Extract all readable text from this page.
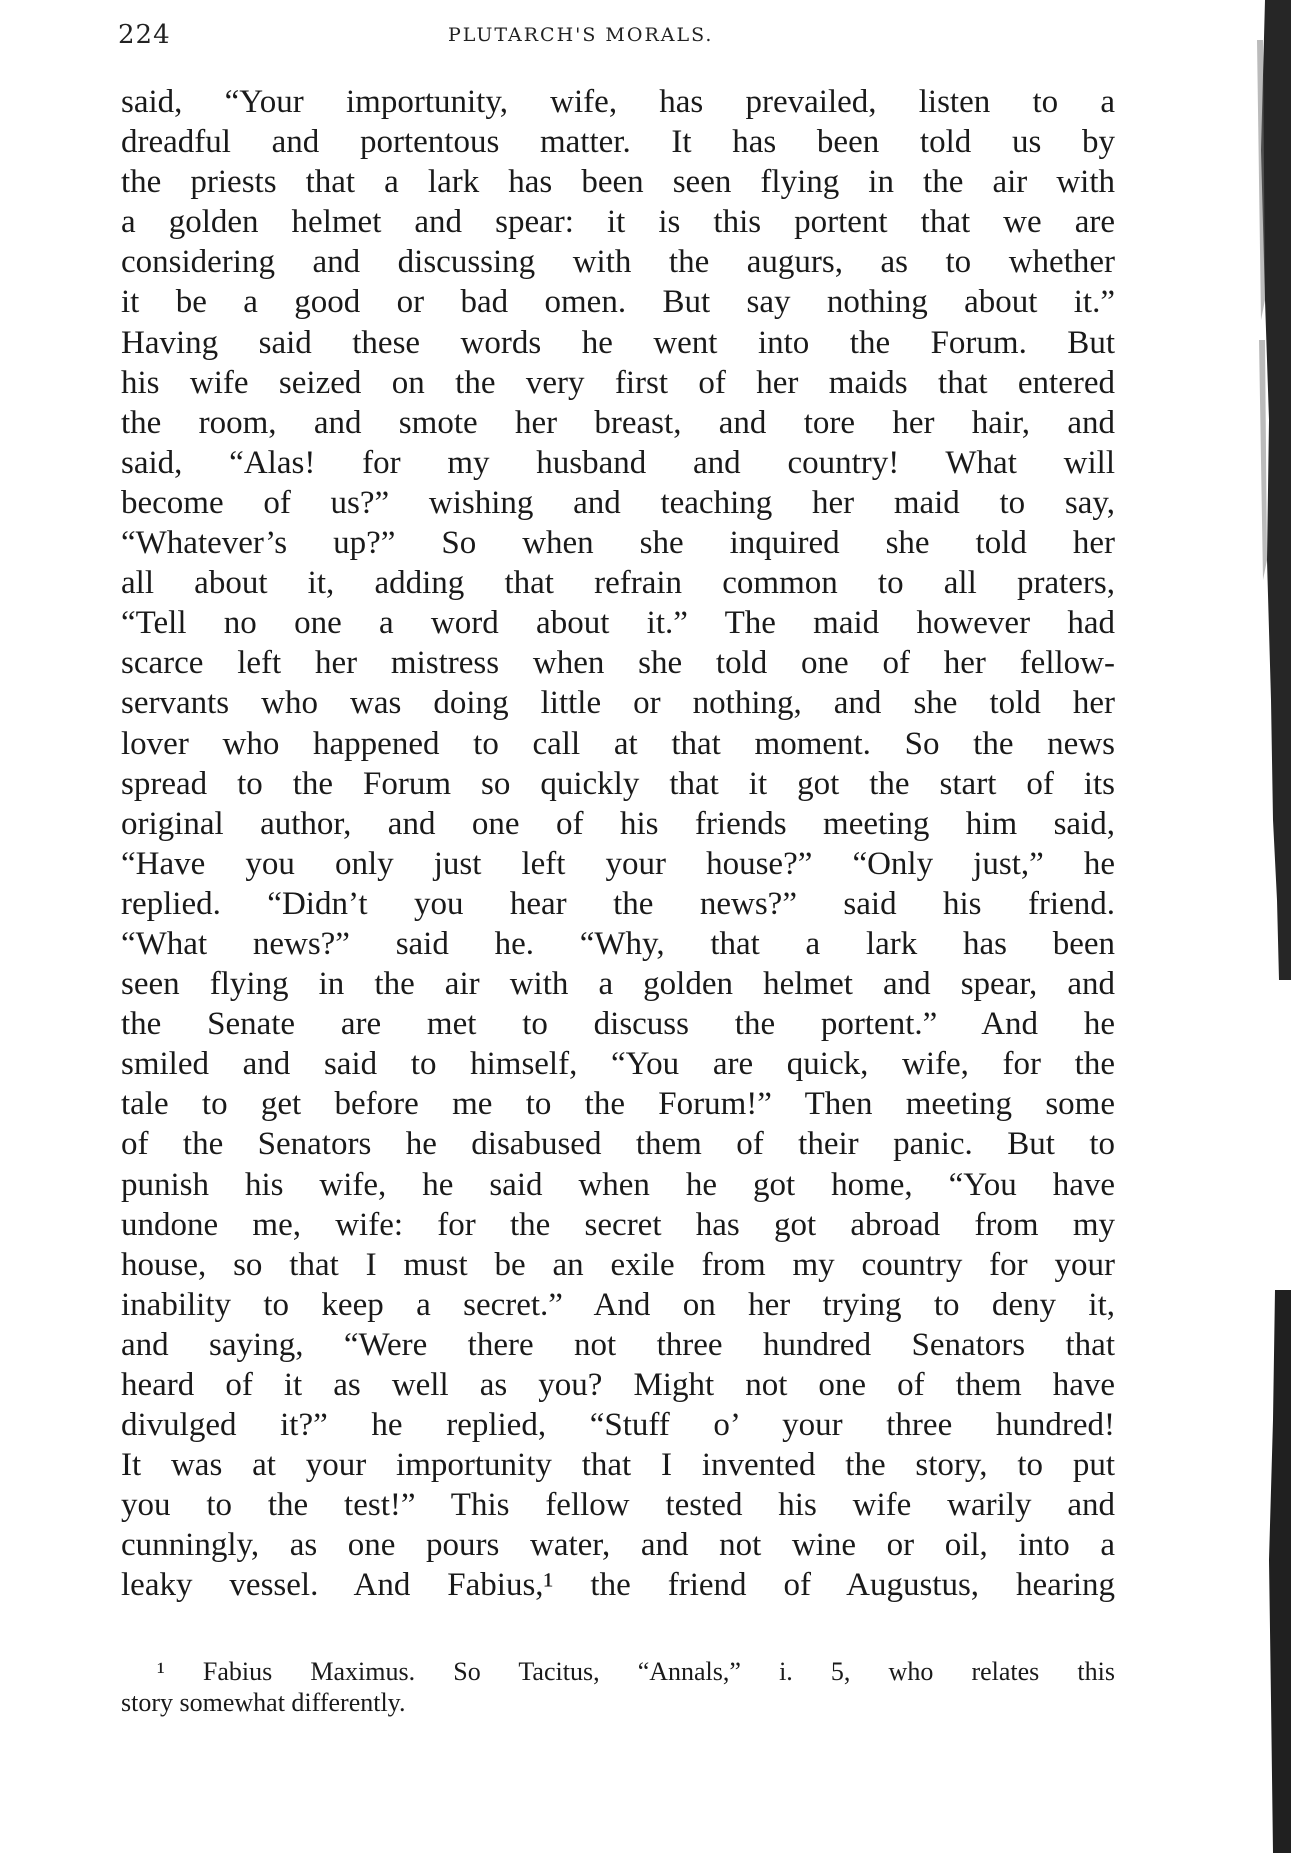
224	PLUTARCH'S MORALS.
said, “Your importunity, wife, has prevailed, listen to a
dreadful and portentous matter. It has been told us by
the priests that a lark has been seen flying in the air with
a golden helmet and spear: it is this portent that we are
considering and discussing with the augurs, as to whether
it be a good or bad omen. But say nothing about it.”
Having said these words he went into the Forum. But
his wife seized on the very first of her maids that entered
the room, and smote her breast, and tore her hair, and
said, “Alas! for my husband and country! What will
become of us?” wishing and teaching her maid to say,
“Whatever’s up?” So when she inquired she told her
all about it, adding that refrain common to all praters,
“Tell no one a word about it.” The maid however had
scarce left her mistress when she told one of her fellow-
servants who was doing little or nothing, and she told her
lover who happened to call at that moment. So the news
spread to the Forum so quickly that it got the start of its
original author, and one of his friends meeting him said,
“Have you only just left your house?” “Only just,” he
replied. “Didn’t you hear the news?” said his friend.
“What news?” said he. “Why, that a lark has been
seen flying in the air with a golden helmet and spear, and
the Senate are met to discuss the portent.” And he
smiled and said to himself, “You are quick, wife, for the
tale to get before me to the Forum!” Then meeting some
of the Senators he disabused them of their panic. But to
punish his wife, he said when he got home, “You have
undone me, wife: for the secret has got abroad from my
house, so that I must be an exile from my country for your
inability to keep a secret.” And on her trying to deny it,
and saying, “Were there not three hundred Senators that
heard of it as well as you? Might not one of them have
divulged it?” he replied, “Stuff o’ your three hundred!
It was at your importunity that I invented the story, to put
you to the test!” This fellow tested his wife warily and
cunningly, as one pours water, and not wine or oil, into a
leaky vessel. And Fabius,¹ the friend of Augustus, hearing
¹ Fabius Maximus. So Tacitus, “Annals,” i. 5, who relates this
story somewhat differently.
